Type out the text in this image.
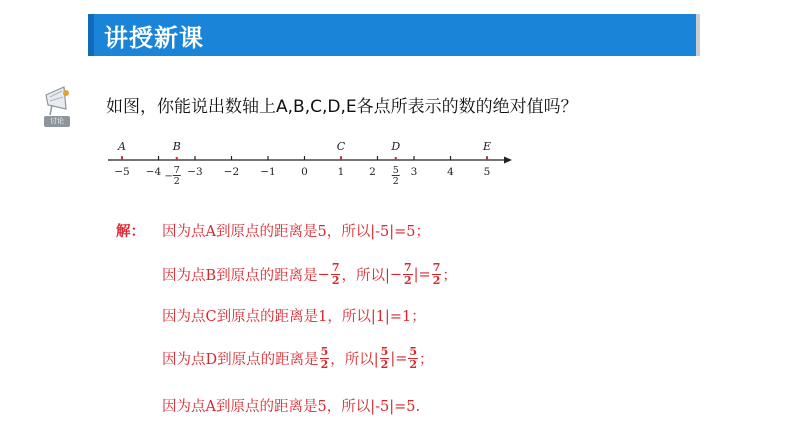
讲授新课
讨论
如图，你能说出数轴上A,B,C,D,E各点所表示的数的绝对值吗？
−5	−3 −2 −1 0	1	3	4	5
−4	2
A	B	C	D	E
7
2
−
5
2
解：	因为点A到原点的距离是5，所以|-5|=5；
因为点B到原点的距离是 − $\frac{7}{2}$ ，所以| − $\frac{7}{2}$ |= $\frac{7}{2}$ ；
因为点C到原点的距离是1，所以|1|=1；
因为点D到原点的距离是 $\frac{5}{2}$ ，所以| $\frac{5}{2}$ |= $\frac{5}{2}$ ；
因为点A到原点的距离是5，所以|-5|=5.
